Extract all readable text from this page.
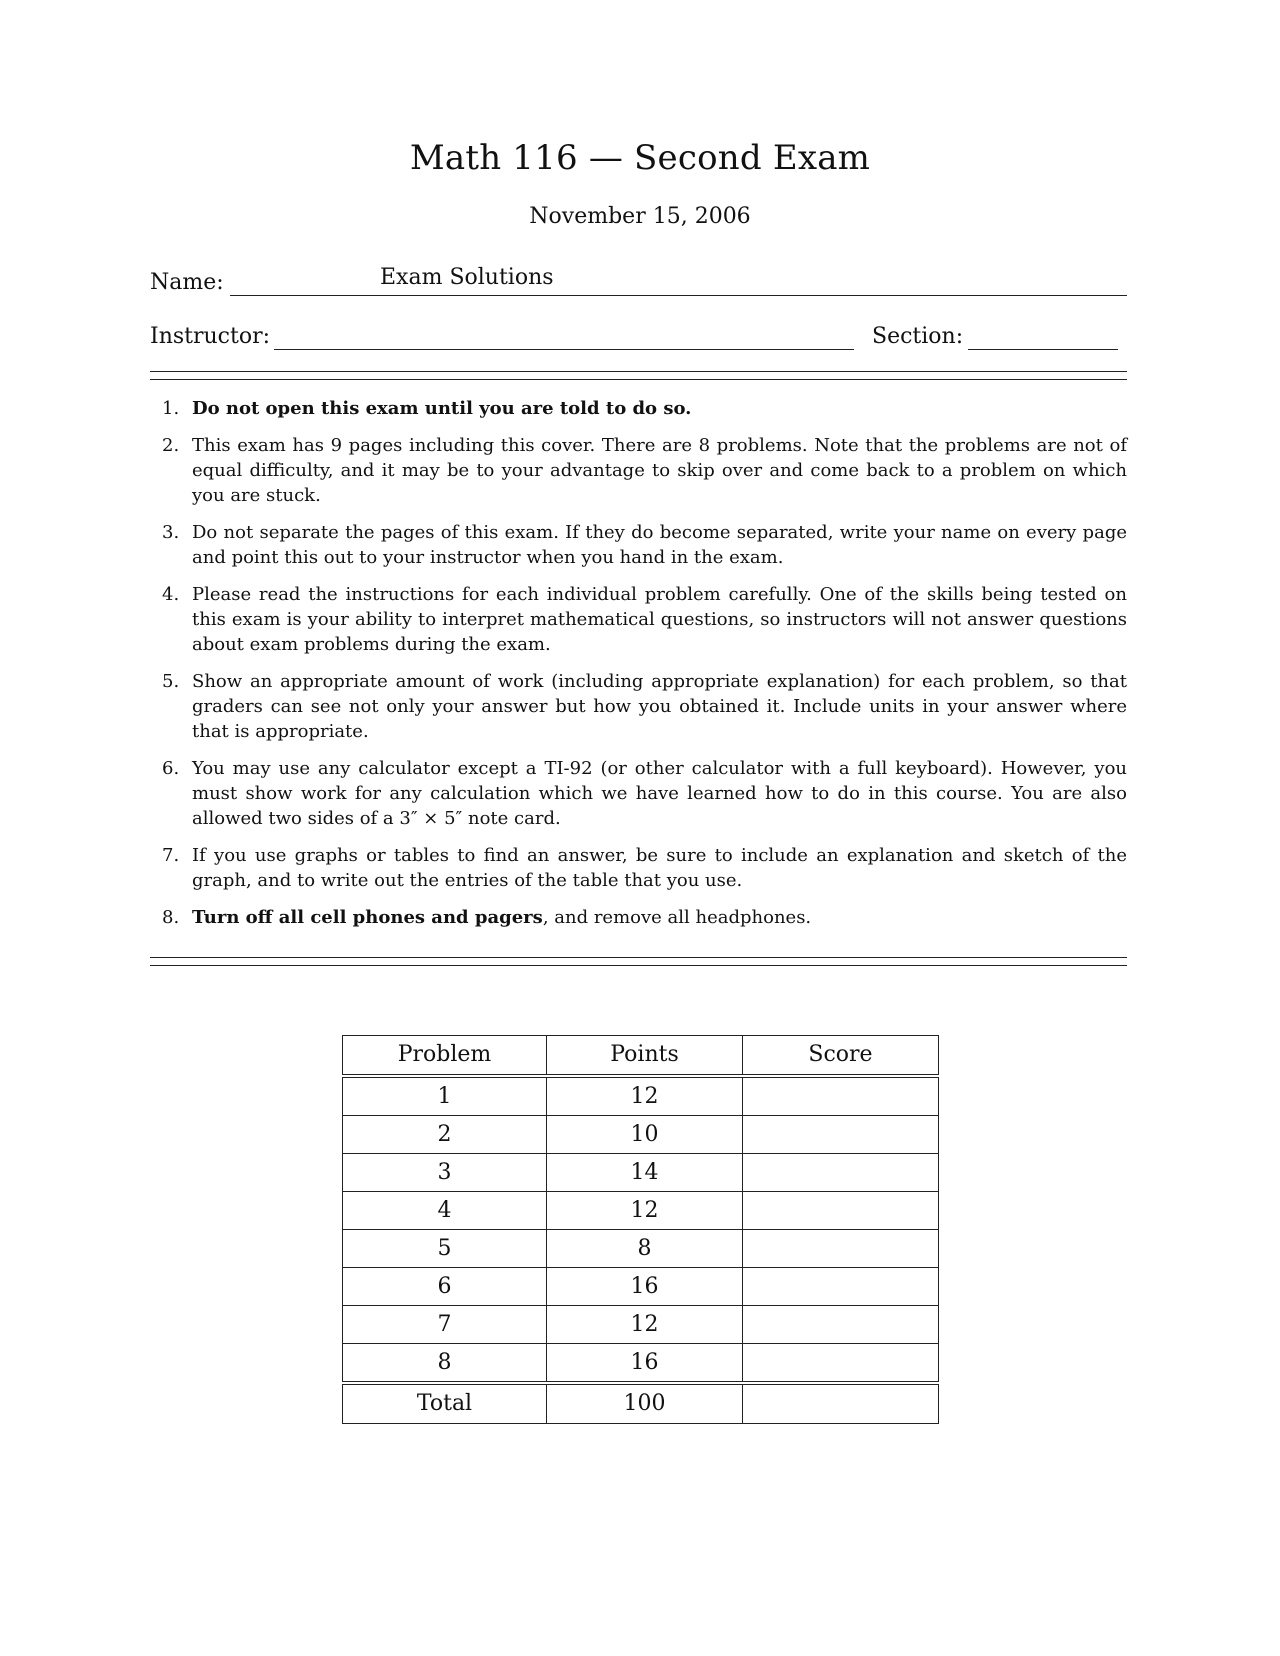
Math 116 — Second Exam
November 15, 2006
Name:	Exam Solutions
Instructor:	Section:
1. Do not open this exam until you are told to do so.
2. This exam has 9 pages including this cover. There are 8 problems. Note that the problems are not of equal difficulty, and it may be to your advantage to skip over and come back to a problem on which you are stuck.
3. Do not separate the pages of this exam. If they do become separated, write your name on every page and point this out to your instructor when you hand in the exam.
4. Please read the instructions for each individual problem carefully. One of the skills being tested on this exam is your ability to interpret mathematical questions, so instructors will not answer questions about exam problems during the exam.
5. Show an appropriate amount of work (including appropriate explanation) for each problem, so that graders can see not only your answer but how you obtained it. Include units in your answer where that is appropriate.
6. You may use any calculator except a TI-92 (or other calculator with a full keyboard). However, you must show work for any calculation which we have learned how to do in this course. You are also allowed two sides of a 3″ × 5″ note card.
7. If you use graphs or tables to find an answer, be sure to include an explanation and sketch of the graph, and to write out the entries of the table that you use.
8. Turn off all cell phones and pagers, and remove all headphones.
Problem	Points	Score
1	12	
2	10	
3	14	
4	12	
5	8	
6	16	
7	12	
8	16	
Total	100	
